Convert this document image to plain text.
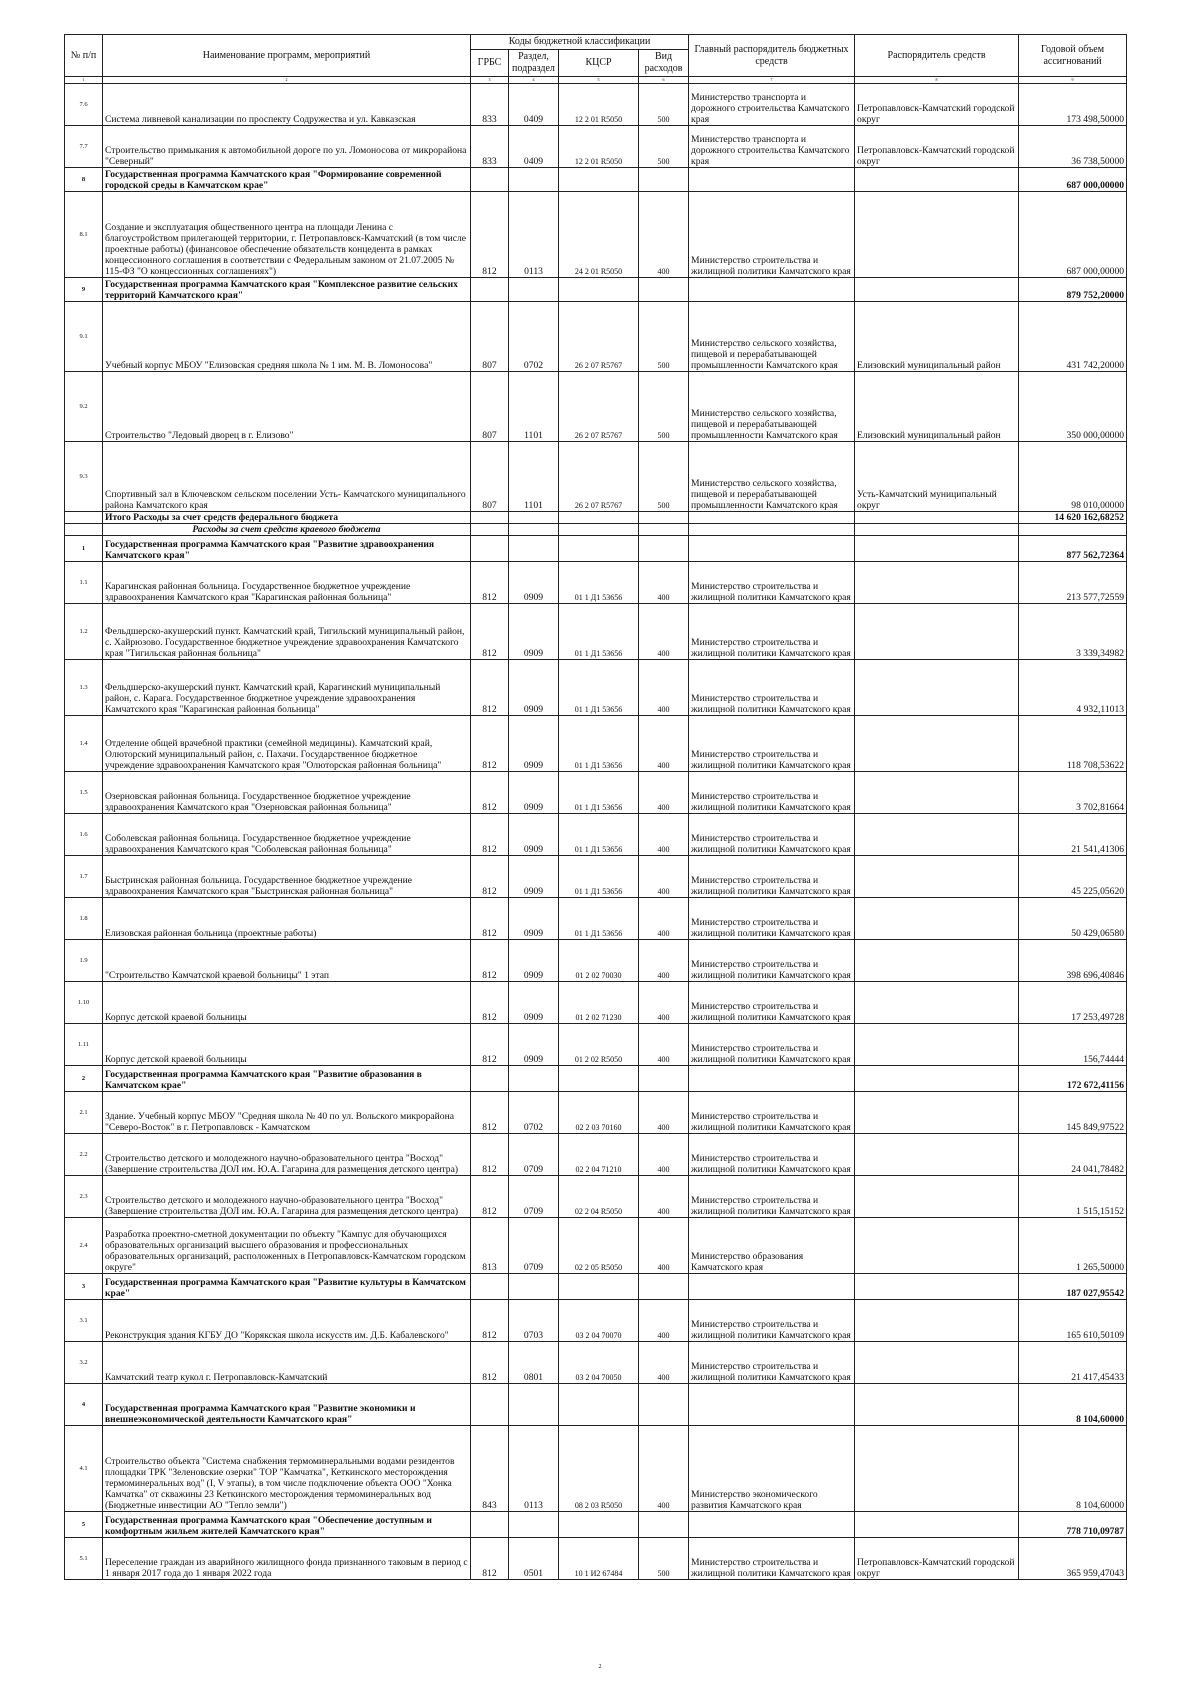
№ п/п	Наименование программ, мероприятий	Коды бюджетной классификации				Главный распорядитель бюджетных средств	Распорядитель средств	Годовой объем ассигнований
		ГРБС	Раздел, подраздел	КЦСР	Вид расходов			
1	2	3	4	5	6	7	8	9
7.6	Система ливневой канализации по проспекту Содружества и ул. Кавказская	833	0409	12 2 01 R5050	500	Министерство транспорта и дорожного строительства Камчатского края	Петропавловск-Камчатский городской округ	173 498,50000
7.7	Строительство примыкания к автомобильной дороге по ул. Ломоносова от микрорайона "Северный"	833	0409	12 2 01 R5050	500	Министерство транспорта и дорожного строительства Камчатского края	Петропавловск-Камчатский городской округ	36 738,50000
8	Государственная программа Камчатского края "Формирование современной городской среды в Камчатском крае"							687 000,00000
8.1	Создание и эксплуатация общественного центра на площади Ленина с благоустройством прилегающей территории, г. Петропавловск-Камчатский (в том числе проектные работы) (финансовое обеспечение обязательств концедента в рамках концессионного соглашения в соответствии с Федеральным законом от 21.07.2005 № 115-ФЗ "О концессионных соглашениях")	812	0113	24 2 01 R5050	400	Министерство строительства и жилищной политики Камчатского края		687 000,00000
9	Государственная программа Камчатского края "Комплексное развитие сельских территорий Камчатского края"							879 752,20000
9.1	Учебный корпус МБОУ "Елизовская средняя школа № 1 им. М. В. Ломоносова"	807	0702	26 2 07 R5767	500	Министерство сельского хозяйства, пищевой и перерабатывающей промышленности Камчатского края	Елизовский муниципальный район	431 742,20000
9.2	Строительство "Ледовый дворец в г. Елизово"	807	1101	26 2 07 R5767	500	Министерство сельского хозяйства, пищевой и перерабатывающей промышленности Камчатского края	Елизовский муниципальный район	350 000,00000
9.3	Спортивный зал в Ключевском сельском поселении Усть- Камчатского муниципального района Камчатского края	807	1101	26 2 07 R5767	500	Министерство сельского хозяйства, пищевой и перерабатывающей промышленности Камчатского края	Усть-Камчатский муниципальный округ	98 010,00000
	Итого Расходы за счет средств федерального бюджета							14 620 162,68252
	Расходы за счет средств краевого бюджета							
1	Государственная программа Камчатского края "Развитие здравоохранения Камчатского края"							877 562,72364
1.1	Карагинская районная больница. Государственное бюджетное учреждение здравоохранения Камчатского края "Карагинская районная больница"	812	0909	01 1 Д1 53656	400	Министерство строительства и жилищной политики Камчатского края		213 577,72559
1.2	Фельдшерско-акушерский пункт. Камчатский край, Тигильский муниципальный район, с. Хайрюзово. Государственное бюджетное учреждение здравоохранения Камчатского края "Тигильская районная больница"	812	0909	01 1 Д1 53656	400	Министерство строительства и жилищной политики Камчатского края		3 339,34982
1.3	Фельдшерско-акушерский пункт. Камчатский край, Карагинский муниципальный район, с. Карага. Государственное бюджетное учреждение здравоохранения Камчатского края "Карагинская районная больница"	812	0909	01 1 Д1 53656	400	Министерство строительства и жилищной политики Камчатского края		4 932,11013
1.4	Отделение общей врачебной практики (семейной медицины). Камчатский край, Олюторский муниципальный район, с. Пахачи. Государственное бюджетное учреждение здравоохранения Камчатского края "Олюторская районная больница"	812	0909	01 1 Д1 53656	400	Министерство строительства и жилищной политики Камчатского края		118 708,53622
1.5	Озерновская районная больница. Государственное бюджетное учреждение здравоохранения Камчатского края "Озерновская районная больница"	812	0909	01 1 Д1 53656	400	Министерство строительства и жилищной политики Камчатского края		3 702,81664
1.6	Соболевская районная больница. Государственное бюджетное учреждение здравоохранения Камчатского края "Соболевская районная больница"	812	0909	01 1 Д1 53656	400	Министерство строительства и жилищной политики Камчатского края		21 541,41306
1.7	Быстринская районная больница. Государственное бюджетное учреждение здравоохранения Камчатского края "Быстринская районная больница"	812	0909	01 1 Д1 53656	400	Министерство строительства и жилищной политики Камчатского края		45 225,05620
1.8	Елизовская районная больница (проектные работы)	812	0909	01 1 Д1 53656	400	Министерство строительства и жилищной политики Камчатского края		50 429,06580
1.9	"Строительство Камчатской краевой больницы" 1 этап	812	0909	01 2 02 70030	400	Министерство строительства и жилищной политики Камчатского края		398 696,40846
1.10	Корпус детской краевой больницы	812	0909	01 2 02 71230	400	Министерство строительства и жилищной политики Камчатского края		17 253,49728
1.11	Корпус детской краевой больницы	812	0909	01 2 02 R5050	400	Министерство строительства и жилищной политики Камчатского края		156,74444
2	Государственная программа Камчатского края "Развитие образования в Камчатском крае"							172 672,41156
2.1	Здание. Учебный корпус МБОУ "Средняя школа № 40 по ул. Вольского микрорайона "Северо-Восток" в г. Петропавловск - Камчатском	812	0702	02 2 03 70160	400	Министерство строительства и жилищной политики Камчатского края		145 849,97522
2.2	Строительство детского и молодежного научно-образовательного центра "Восход" (Завершение строительства ДОЛ им. Ю.А. Гагарина для размещения детского центра)	812	0709	02 2 04 71210	400	Министерство строительства и жилищной политики Камчатского края		24 041,78482
2.3	Строительство детского и молодежного научно-образовательного центра "Восход" (Завершение строительства ДОЛ им. Ю.А. Гагарина для размещения детского центра)	812	0709	02 2 04 R5050	400	Министерство строительства и жилищной политики Камчатского края		1 515,15152
2.4	Разработка проектно-сметной документации по объекту "Кампус для обучающихся образовательных организаций высшего образования и профессиональных образовательных организаций, расположенных в Петропавловск-Камчатском городском округе"	813	0709	02 2 05 R5050	400	Министерство образования Камчатского края		1 265,50000
3	Государственная программа Камчатского края "Развитие культуры в Камчатском крае"							187 027,95542
3.1	Реконструкция здания КГБУ ДО "Корякская школа искусств им. Д.Б. Кабалевского"	812	0703	03 2 04 70070	400	Министерство строительства и жилищной политики Камчатского края		165 610,50109
3.2	Камчатский театр кукол г. Петропавловск-Камчатский	812	0801	03 2 04 70050	400	Министерство строительства и жилищной политики Камчатского края		21 417,45433
4	Государственная программа Камчатского края "Развитие экономики и внешнеэкономической деятельности Камчатского края"							8 104,60000
4.1	Строительство объекта "Система снабжения термоминеральными водами резидентов площадки ТРК "Зеленовские озерки" ТОР "Камчатка", Кеткинского месторождения термоминеральных вод" (I, V этапы), в том числе подключение объекта ООО "Хонка Камчатка" от скважины 23 Кеткинского месторождения термоминеральных вод (Бюджетные инвестиции АО "Тепло земли")	843	0113	08 2 03 R5050	400	Министерство экономического развития Камчатского края		8 104,60000
5	Государственная программа Камчатского края "Обеспечение доступным и комфортным жильем жителей Камчатского края"							778 710,09787
5.1	Переселение граждан из аварийного жилищного фонда признанного таковым в период с 1 января 2017 года до 1 января 2022 года	812	0501	10 1 И2 67484	500	Министерство строительства и жилищной политики Камчатского края	Петропавловск-Камчатский городской округ	365 959,47043
2
